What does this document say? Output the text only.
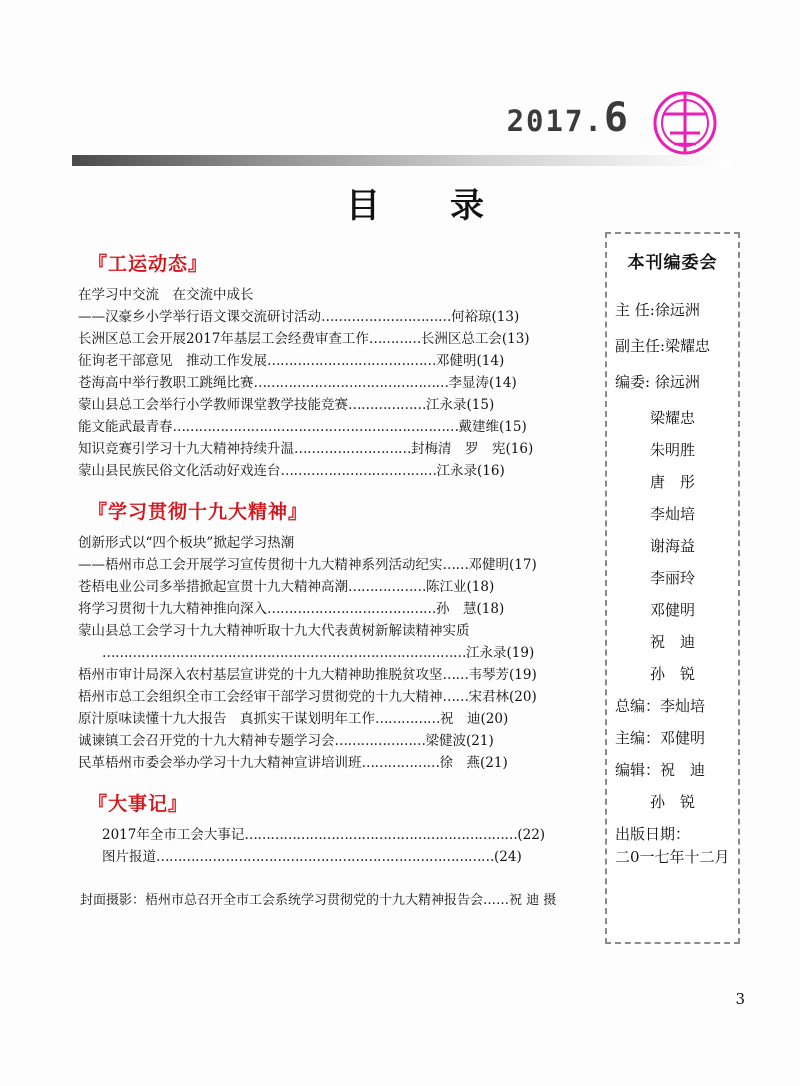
2017.6
目　录
『工运动态』
在学习中交流　在交流中成长
——汉豪乡小学举行语文课交流研讨活动…………………………何裕琼(13)
长洲区总工会开展2017年基层工会经费审查工作…………长洲区总工会(13)
征询老干部意见　推动工作发展…………………………………邓健明(14)
苍海高中举行教职工跳绳比赛………………………………………李显涛(14)
蒙山县总工会举行小学教师课堂教学技能竞赛………………江永录(15)
能文能武最青春…………………………………………………………戴建维(15)
知识竞赛引学习十九大精神持续升温………………………封梅清　罗　宪(16)
蒙山县民族民俗文化活动好戏连台………………………………江永录(16)
『学习贯彻十九大精神』
创新形式以“四个板块”掀起学习热潮
——梧州市总工会开展学习宣传贯彻十九大精神系列活动纪实……邓健明(17)
苍梧电业公司多举措掀起宣贯十九大精神高潮………………陈江业(18)
将学习贯彻十九大精神推向深入…………………………………孙　慧(18)
蒙山县总工会学习十九大精神听取十九大代表黄树新解读精神实质
…………………………………………………………………………江永录(19)
梧州市审计局深入农村基层宣讲党的十九大精神助推脱贫攻坚……韦琴芳(19)
梧州市总工会组织全市工会经审干部学习贯彻党的十九大精神……宋君林(20)
原汁原味读懂十九大报告　真抓实干谋划明年工作……………祝　迪(20)
诚谏镇工会召开党的十九大精神专题学习会…………………梁健波(21)
民革梧州市委会举办学习十九大精神宣讲培训班………………徐　燕(21)
『大事记』
2017年全市工会大事记………………………………………………………(22)
图片报道……………………………………………………………………(24)
封面摄影：梧州市总召开全市工会系统学习贯彻党的十九大精神报告会……祝 迪 摄
本刊编委会
主 任:徐远洲
副主任:梁耀忠
编委: 徐远洲
梁耀忠
朱明胜
唐　彤
李灿培
谢海益
李丽玲
邓健明
祝　迪
孙　锐
总编：李灿培
主编：邓健明
编辑：祝　迪
孙　锐
出版日期：
二0一七年十二月
3
